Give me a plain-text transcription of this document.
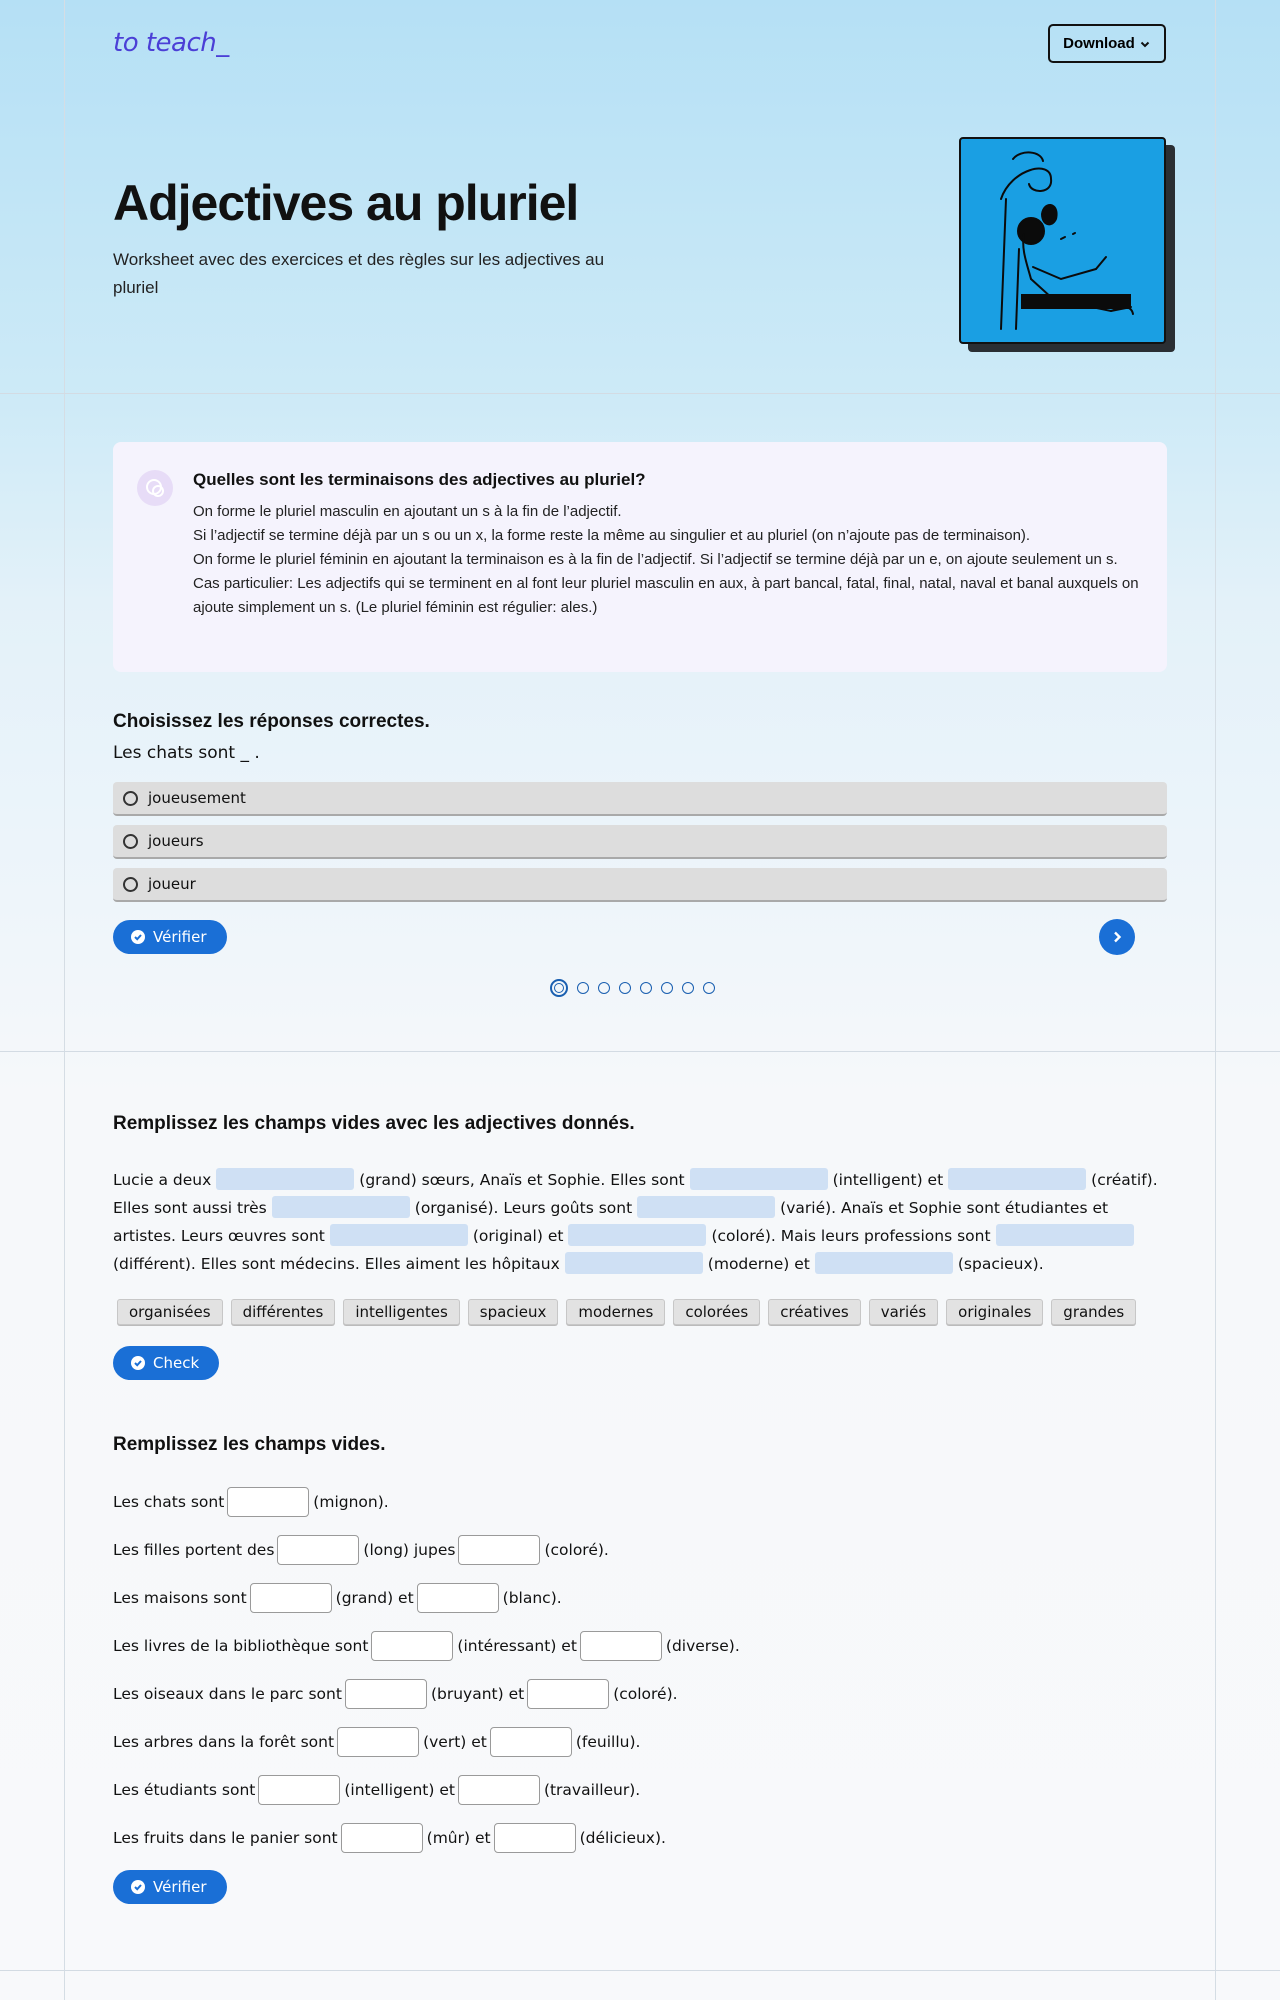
to teach_	Download
Adjectives au pluriel

Worksheet avec des exercices et des règles sur les adjectives au pluriel

Quelles sont les terminaisons des adjectives au pluriel?
On forme le pluriel masculin en ajoutant un s à la fin de l’adjectif.
Si l’adjectif se termine déjà par un s ou un x, la forme reste la même au singulier et au pluriel (on n’ajoute pas de terminaison).
On forme le pluriel féminin en ajoutant la terminaison es à la fin de l’adjectif. Si l’adjectif se termine déjà par un e, on ajoute seulement un s.
Cas particulier: Les adjectifs qui se terminent en al font leur pluriel masculin en aux, à part bancal, fatal, final, natal, naval et banal auxquels on ajoute simplement un s. (Le pluriel féminin est régulier: ales.)
Choisissez les réponses correctes.
Les chats sont _ .
joueusement
joueurs
joueur
Vérifier
Remplissez les champs vides avec les adjectives donnés.
Lucie a deux	(grand) sœurs, Anaïs et Sophie. Elles sont	(intelligent) et	(créatif). Elles sont aussi très	(organisé). Leurs goûts sont	(varié). Anaïs et Sophie sont étudiantes et artistes. Leurs œuvres sont	(original) et	(coloré). Mais leurs professions sont(différent). Elles sont médecins. Elles aiment les hôpitaux	(moderne) et	(spacieux).
organisées	différentes	intelligentes	spacieux	modernes	colorées	créatives	variés	originales	grandes
Check
Remplissez les champs vides.
Les chats sont	(mignon).
Les filles portent des	(long) jupes	(coloré).
Les maisons sont	(grand) et	(blanc).
Les livres de la bibliothèque sont	(intéressant) et	(diverse).
Les oiseaux dans le parc sont	(bruyant) et	(coloré).
Les arbres dans la forêt sont	(vert) et	(feuillu).
Les étudiants sont	(intelligent) et	(travailleur).
Les fruits dans le panier sont	(mûr) et	(délicieux).
Vérifier
